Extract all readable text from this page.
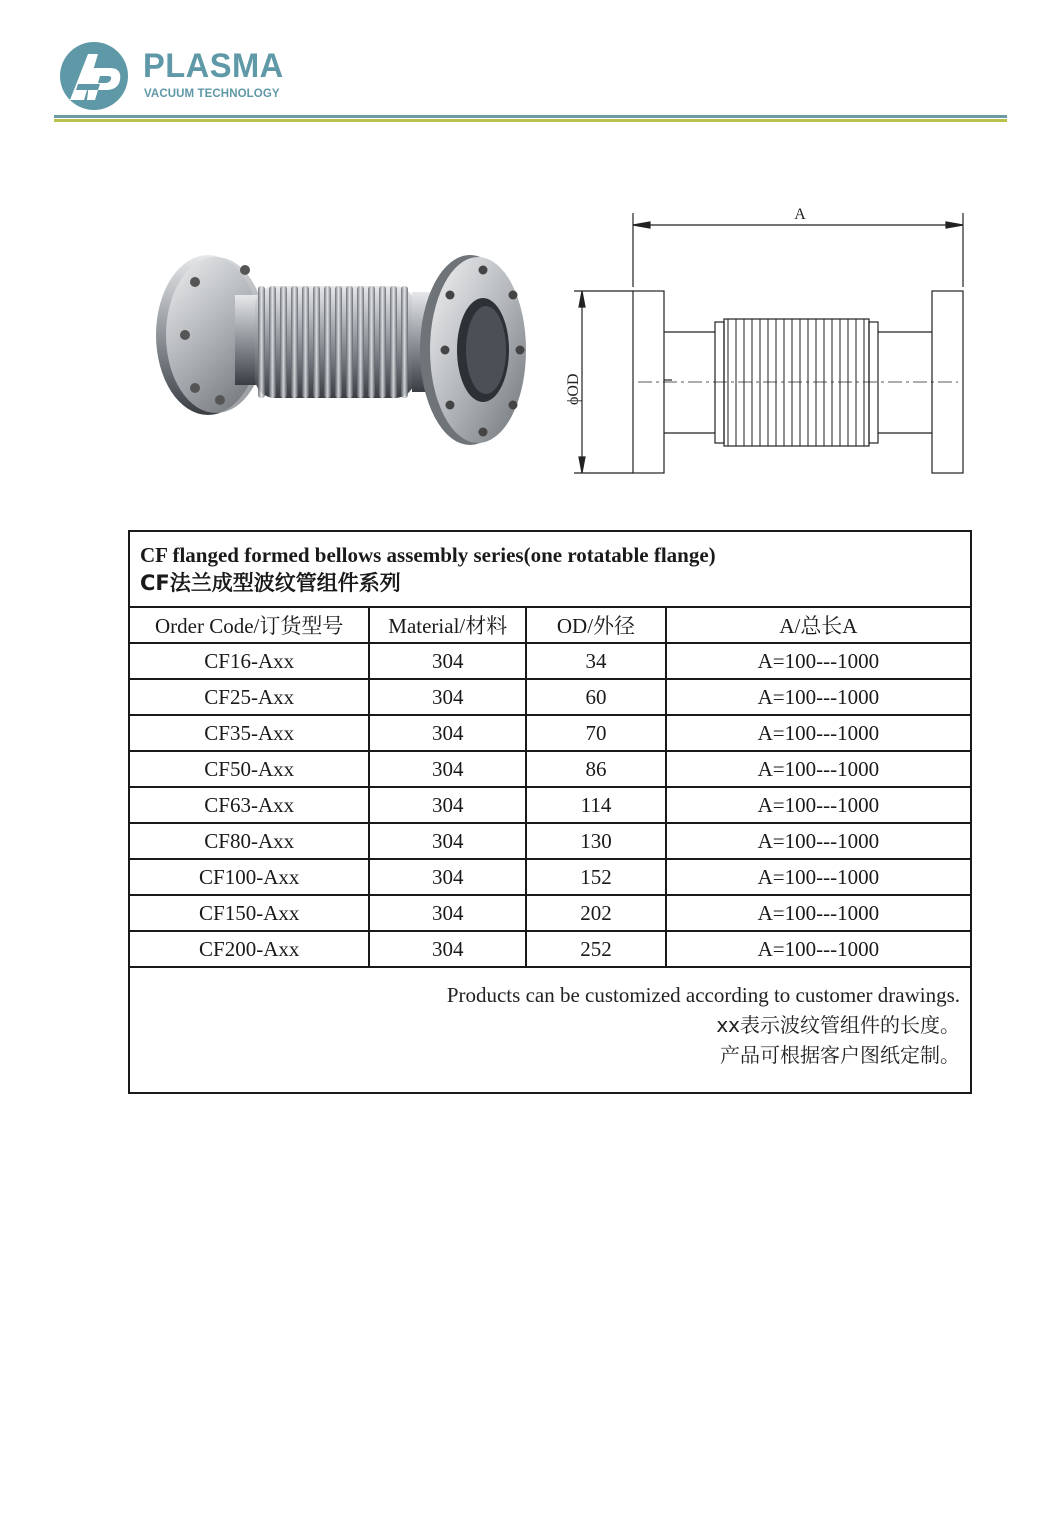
PLASMA
VACUUM TECHNOLOGY
A
ϕOD
CF flanged formed bellows assembly series(one rotatable flange)
CF法兰成型波纹管组件系列			

Order Code/订货型号	Material/材料	OD/外径	A/总长A
CF16-Axx	304	34	A=100---1000
CF25-Axx	304	60	A=100---1000
CF35-Axx	304	70	A=100---1000
CF50-Axx	304	86	A=100---1000
CF63-Axx	304	114	A=100---1000
CF80-Axx	304	130	A=100---1000
CF100-Axx	304	152	A=100---1000
CF150-Axx	304	202	A=100---1000
CF200-Axx	304	252	A=100---1000

Products can be customized according to customer drawings.
xx表示波纹管组件的长度。
产品可根据客户图纸定制。			
